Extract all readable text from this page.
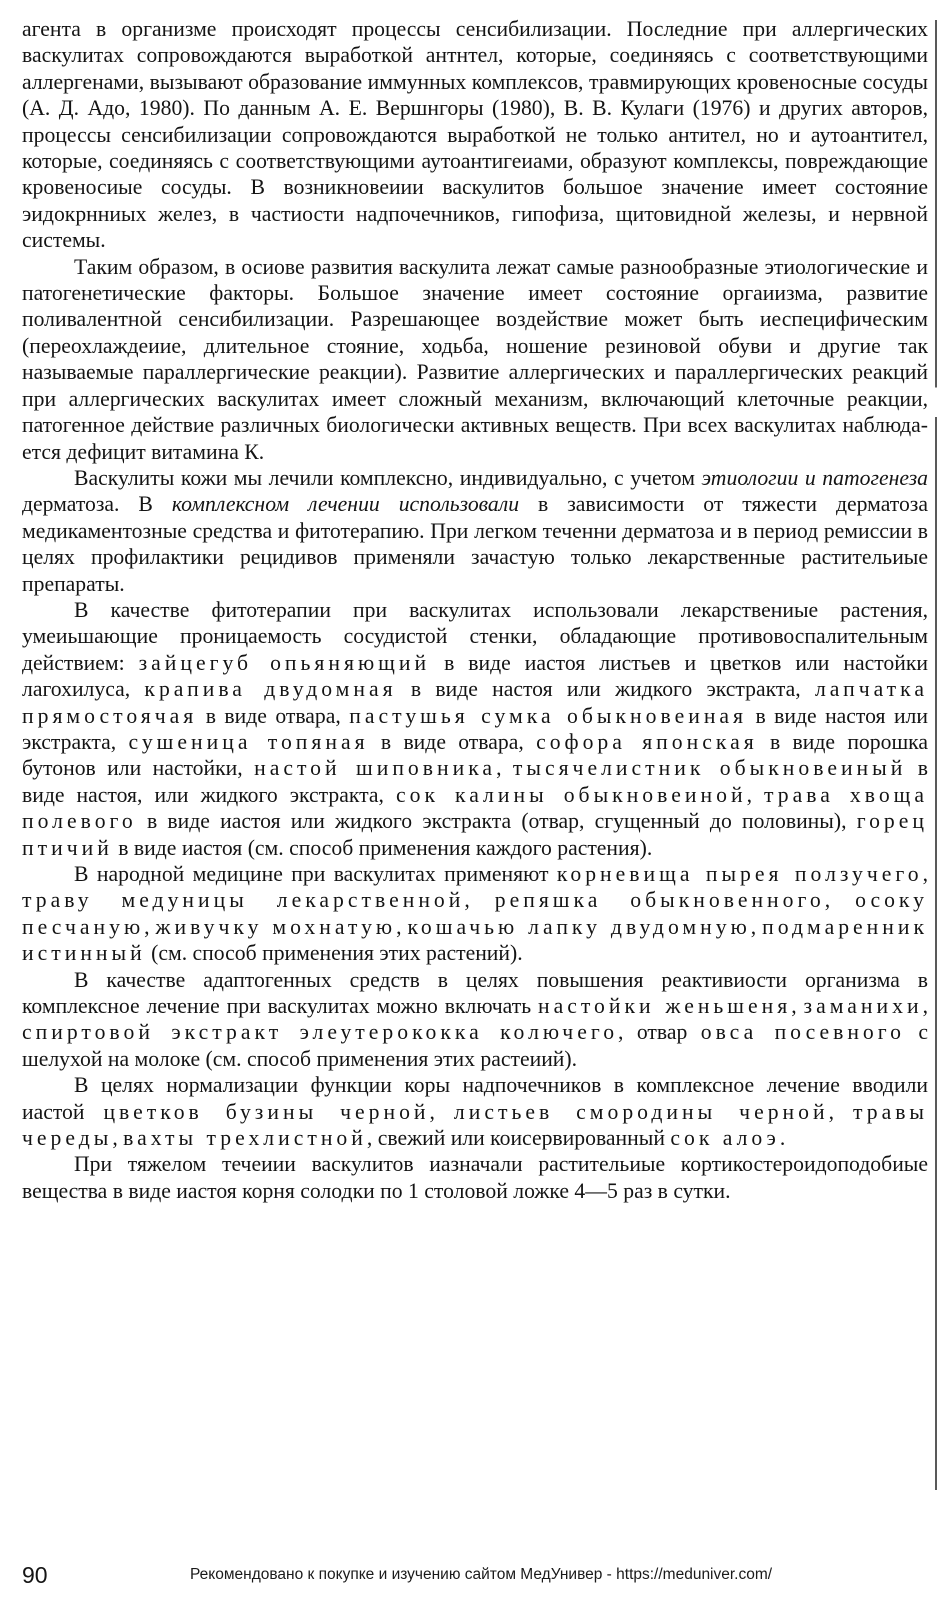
агента в организме происходят процессы сенсибилизации. Последние при аллергических васкулитах сопровождаются выработкой антнтел, которые, соединяясь с соответствующими аллергенами, вызывают образование иммунных комплексов, травмирующих кровеносные сосуды (А. Д. Адо, 1980). По данным А. Е. Вершнгоры (1980), В. В. Кулаги (1976) и других авторов, процессы сенсибилизации сопровождаются выработкой не только антител, но и аутоантител, которые, соединяясь с соответствующими аутоантигеиами, образуют комплексы, повреждающие кровеносиые сосуды. В возникновеиии васкулитов большое значение имеет состояние эидокрнниых желез, в частиости надпочечников, гипофиза, щитовидной железы, и нервной системы.

Таким образом, в осиове развития васкулита лежат самые разнообразные этиологические и патогенетические факторы. Большое значение имеет состояние оргаиизма, развитие поливалентной сенсибилизации. Разрешающее воздействие может быть иеспецифическим (переохлаждеиие, длительное стояние, ходьба, ношение резиновой обуви и другие так называемые параллергические реакции). Развитие аллергических и параллергических реакций при аллергических васкулитах имеет сложный механизм, включающий клеточные реакции, патогенное действие различных биологически активных веществ. При всех васкулитах наблюдается дефицит витамина К.

Васкулиты кожи мы лечили комплексно, индивидуально, с учетом этиологии и патогенеза дерматоза. В комплексном лечении использовали в зависимости от тяжести дерматоза медикаментозные средства и фитотерапию. При легком теченни дерматоза и в период ремиссии в целях профилактики рецидивов применяли зачастую только лекарственные растительиые препараты.

В качестве фитотерапии при васкулитах использовали лекарствениые растения, умеиьшающие проницаемость сосудистой стенки, обладающие противовоспалительным действием: зайцегуб опьяняющий в виде иастоя листьев и цветков или настойки лагохилуса, крапива двудомная в виде настоя или жидкого экстракта, лапчатка прямостоячая в виде отвара, пастушья сумка обыкновеиная в виде настоя или экстракта, сушеница топяная в виде отвара, софора японская в виде порошка бутонов или настойки, настой шиповника, тысячелистник обыкновеиный в виде настоя, или жидкого экстракта, сок калины обыкновеиной, трава хвоща полевого в виде иастоя или жидкого экстракта (отвар, сгущенный до половины), горец птичий в виде иастоя (см. способ применения каждого растения).

В народной медицине при васкулитах применяют корневища пырея ползучего, траву медуницы лекарственной, репяшка обыкновенного, осоку песчаную, живучку мохнатую, кошачью лапку двудомную, подмаренник истинный (см. способ применения этих растений).

В качестве адаптогенных средств в целях повышения реактивиости организма в комплексное лечение при васкулитах можно включать настойки женьшеня, заманихи, спиртовой экстракт элеутерококка колючего, отвар овса посевного с шелухой на молоке (см. способ применения этих растеиий).

В целях нормализации функции коры надпочечников в комплексное лечение вводили иастой цветков бузины черной, листьев смородины черной, травы череды, вахты трехлистной, свежий или коисервированный сок алоэ.

При тяжелом течеиии васкулитов иазначали растительиые кортикостероидоподобиые вещества в виде иастоя корня солодки по 1 столовой ложке 4—5 раз в сутки.

90	Рекомендовано к покупке и изучению сайтом МедУнивер - https://meduniver.com/
